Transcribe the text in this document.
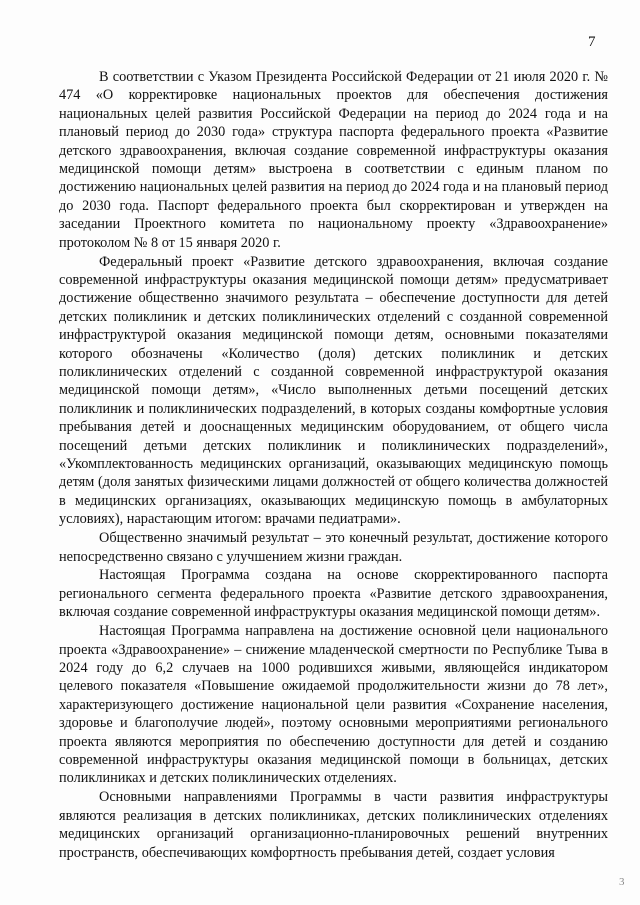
7

В соответствии с Указом Президента Российской Федерации от 21 июля 2020 г. № 474 «О корректировке национальных проектов для обеспечения достижения национальных целей развития Российской Федерации на период до 2024 года и на плановый период до 2030 года» структура паспорта федерального проекта «Развитие детского здравоохранения, включая создание современной инфраструктуры оказания медицинской помощи детям» выстроена в соответствии с единым планом по достижению национальных целей развития на период до 2024 года и на плановый период до 2030 года. Паспорт федерального проекта был скорректирован и утвержден на заседании Проектного комитета по национальному проекту «Здравоохранение» протоколом № 8 от 15 января 2020 г.

Федеральный проект «Развитие детского здравоохранения, включая создание современной инфраструктуры оказания медицинской помощи детям» предусматривает достижение общественно значимого результата – обеспечение доступности для детей детских поликлиник и детских поликлинических отделений с созданной современной инфраструктурой оказания медицинской помощи детям, основными показателями которого обозначены «Количество (доля) детских поликлиник и детских поликлинических отделений с созданной современной инфраструктурой оказания медицинской помощи детям», «Число выполненных детьми посещений детских поликлиник и поликлинических подразделений, в которых созданы комфортные условия пребывания детей и дооснащенных медицинским оборудованием, от общего числа посещений детьми детских поликлиник и поликлинических подразделений», «Укомплектованность медицинских организаций, оказывающих медицинскую помощь детям (доля занятых физическими лицами должностей от общего количества должностей в медицинских организациях, оказывающих медицинскую помощь в амбулаторных условиях), нарастающим итогом: врачами педиатрами».

Общественно значимый результат – это конечный результат, достижение которого непосредственно связано с улучшением жизни граждан.

Настоящая Программа создана на основе скорректированного паспорта регионального сегмента федерального проекта «Развитие детского здравоохранения, включая создание современной инфраструктуры оказания медицинской помощи детям».

Настоящая Программа направлена на достижение основной цели национального проекта «Здравоохранение» – снижение младенческой смертности по Республике Тыва в 2024 году до 6,2 случаев на 1000 родившихся живыми, являющейся индикатором целевого показателя «Повышение ожидаемой продолжительности жизни до 78 лет», характеризующего достижение национальной цели развития «Сохранение населения, здоровье и благополучие людей», поэтому основными мероприятиями регионального проекта являются мероприятия по обеспечению доступности для детей и созданию современной инфраструктуры оказания медицинской помощи в больницах, детских поликлиниках и детских поликлинических отделениях.

Основными направлениями Программы в части развития инфраструктуры являются реализация в детских поликлиниках, детских поликлинических отделениях медицинских организаций организационно-планировочных решений внутренних пространств, обеспечивающих комфортность пребывания детей, создает условия

3
